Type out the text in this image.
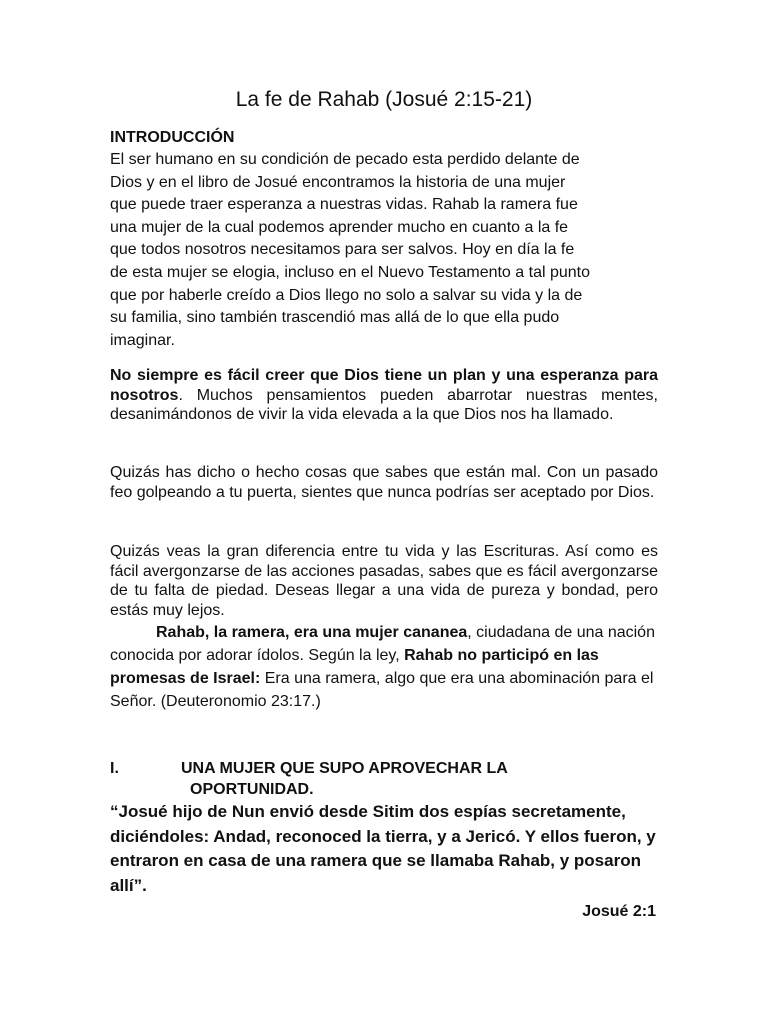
La fe de Rahab (Josué 2:15-21)

INTRODUCCIÓN

El ser humano en su condición de pecado esta perdido delante de
Dios y en el libro de Josué encontramos la historia de una mujer
que puede traer esperanza a nuestras vidas. Rahab la ramera fue
una mujer de la cual podemos aprender mucho en cuanto a la fe
que todos nosotros necesitamos para ser salvos. Hoy en día la fe
de esta mujer se elogia, incluso en el Nuevo Testamento a tal punto
que por haberle creído a Dios llego no solo a salvar su vida y la de
su familia, sino también trascendió mas allá de lo que ella pudo
imaginar.

No siempre es fácil creer que Dios tiene un plan y una esperanza para nosotros. Muchos pensamientos pueden abarrotar nuestras mentes, desanimándonos de vivir la vida elevada a la que Dios nos ha llamado.

Quizás has dicho o hecho cosas que sabes que están mal. Con un pasado feo golpeando a tu puerta, sientes que nunca podrías ser aceptado por Dios.

Quizás veas la gran diferencia entre tu vida y las Escrituras. Así como es fácil avergonzarse de las acciones pasadas, sabes que es fácil avergonzarse de tu falta de piedad. Deseas llegar a una vida de pureza y bondad, pero estás muy lejos.

Rahab, la ramera, era una mujer cananea, ciudadana de una nación conocida por adorar ídolos. Según la ley, Rahab no participó en las promesas de Israel: Era una ramera, algo que era una abominación para el Señor. (Deuteronomio 23:17.)

I.	UNA MUJER QUE SUPO APROVECHAR LA
OPORTUNIDAD.

“Josué hijo de Nun envió desde Sitim dos espías secretamente, diciéndoles: Andad, reconoced la tierra, y a Jericó. Y ellos fueron, y entraron en casa de una ramera que se llamaba Rahab, y posaron allí”.

Josué 2:1
